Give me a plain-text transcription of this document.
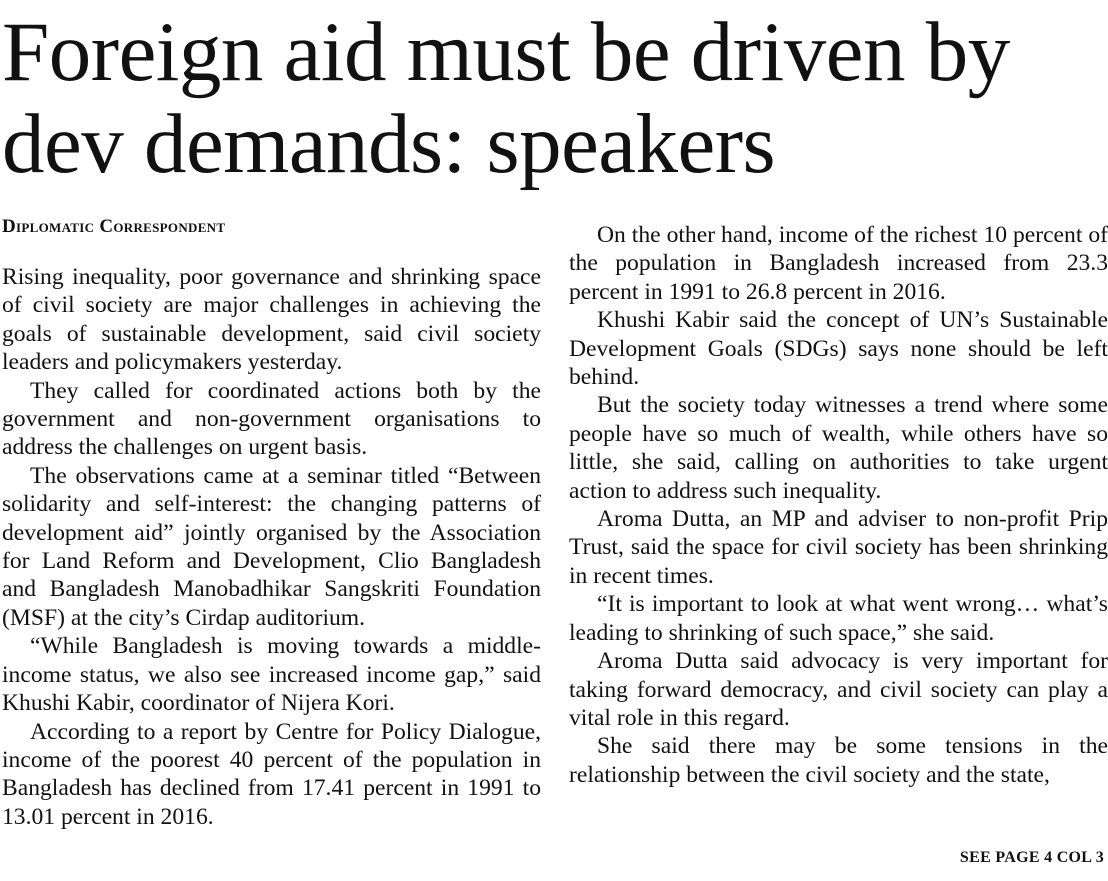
Foreign aid must be driven by dev demands: speakers
Diplomatic Correspondent

Rising inequality, poor governance and shrinking space of civil society are major challenges in achieving the goals of sustainable development, said civil society leaders and policymakers yesterday.

They called for coordinated actions both by the government and non-government organisations to address the challenges on urgent basis.

The observations came at a seminar titled “Between solidarity and self-interest: the changing patterns of development aid” jointly organised by the Association for Land Reform and Development, Clio Bangladesh and Bangladesh Manobadhikar Sangskriti Foundation (MSF) at the city’s Cirdap auditorium.

“While Bangladesh is moving towards a middle-income status, we also see increased income gap,” said Khushi Kabir, coordinator of Nijera Kori.

According to a report by Centre for Policy Dialogue, income of the poorest 40 percent of the population in Bangladesh has declined from 17.41 percent in 1991 to 13.01 percent in 2016.

On the other hand, income of the richest 10 percent of the population in Bangladesh increased from 23.3 percent in 1991 to 26.8 percent in 2016.

Khushi Kabir said the concept of UN’s Sustainable Development Goals (SDGs) says none should be left behind.

But the society today witnesses a trend where some people have so much of wealth, while others have so little, she said, calling on authorities to take urgent action to address such inequality.

Aroma Dutta, an MP and adviser to non-profit Prip Trust, said the space for civil society has been shrinking in recent times.

“It is important to look at what went wrong… what’s leading to shrinking of such space,” she said.

Aroma Dutta said advocacy is very important for taking forward democracy, and civil society can play a vital role in this regard.

She said there may be some tensions in the relationship between the civil society and the state,

SEE PAGE 4 COL 3
